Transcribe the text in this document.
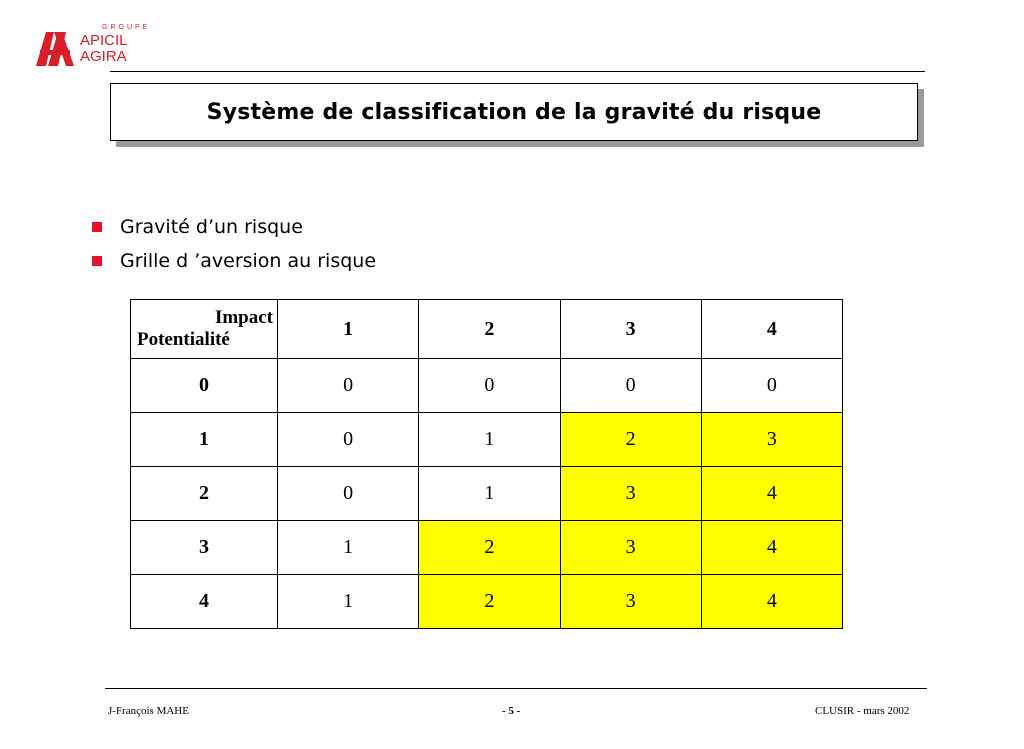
GROUPE
APICIL
AGIRA
Système de classification de la gravité du risque
Gravité d’un risque
Grille d ’aversion au risque
Impact
Potentialité	1	2	3	4
0	0	0	0	0
1	0	1	2	3
2	0	1	3	4
3	1	2	3	4
4	1	2	3	4
J-François MAHE	- 5 -	CLUSIR - mars 2002
